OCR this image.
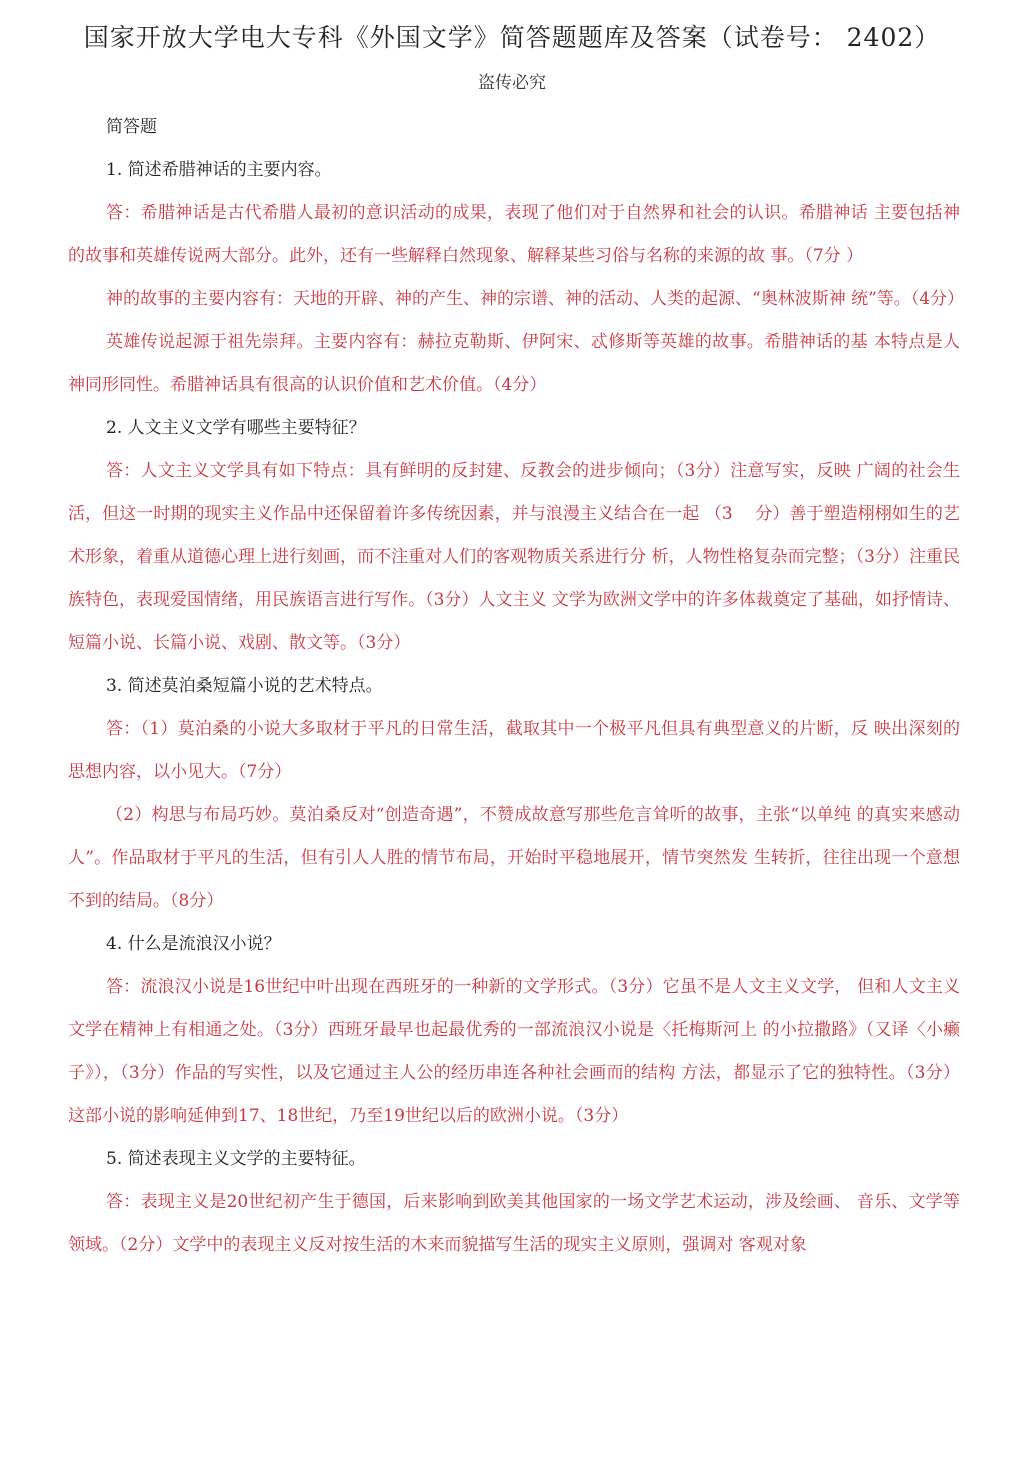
国家开放大学电大专科《外国文学》简答题题库及答案（试卷号： 2402）
盗传必究

简答题

1. 简述希腊神话的主要内容。

答：希腊神话是古代希腊人最初的意识活动的成果，表现了他们对于自然界和社会的认识。希腊神话 主要包括神的故事和英雄传说两大部分。此外，还有一些解释白然现象、解释某些习俗与名称的来源的故 事。（7分 ）

神的故事的主要内容有：天地的开辟、神的产生、神的宗谱、神的活动、人类的起源、“奥林波斯神 统”等。（4分）

英雄传说起源于祖先崇拜。主要内容有：赫拉克勒斯、伊阿宋、忒修斯等英雄的故事。希腊神话的基 本特点是人神同形同性。希腊神话具有很高的认识价值和艺术价值。（4分）

2. 人文主义文学有哪些主要特征？

答：人文主义文学具有如下特点：具有鲜明的反封建、反教会的进步倾向；（3分）注意写实，反映 广阔的社会生活，但这一时期的现实主义作品中还保留着许多传统因素，并与浪漫主义结合在一起 （3　 分）善于塑造栩栩如生的艺术形象，着重从道德心理上进行刻画，而不注重对人们的客观物质关系进行分 析，人物性格复杂而完整；（3分）注重民族特色，表现爱国情绪，用民族语言进行写作。（3分）人文主义 文学为欧洲文学中的许多体裁奠定了基础，如抒情诗、短篇小说、长篇小说、戏剧、散文等。（3分）

3. 简述莫泊桑短篇小说的艺术特点。

答：（1）莫泊桑的小说大多取材于平凡的日常生活，截取其中一个极平凡但具有典型意义的片断，反 映出深刻的思想内容，以小见大。（7分）

（2）构思与布局巧妙。莫泊桑反对“创造奇遇”，不赞成故意写那些危言耸听的故事，主张“以单纯 的真实来感动人”。作品取材于平凡的生活，但有引人人胜的情节布局，开始时平稳地展开，情节突然发 生转折，往往出现一个意想不到的结局。（8分）

4. 什么是流浪汉小说？

答：流浪汉小说是16世纪中叶出现在西班牙的一种新的文学形式。（3分）它虽不是人文主义文学， 但和人文主义文学在精神上有相通之处。（3分）西班牙最早也起最优秀的一部流浪汉小说是〈托梅斯河上 的小拉撒路》（又译〈小癞子》），（3分）作品的写实性，以及它通过主人公的经历串连各种社会画而的结构 方法，都显示了它的独特性。（3分）这部小说的影响延伸到17、18世纪，乃至19世纪以后的欧洲小说。（3分）

5. 简述表现主义文学的主要特征。

答：表现主义是20世纪初产生于德国，后来影响到欧美其他国家的一场文学艺术运动，涉及绘画、 音乐、文学等领域。（2分）文学中的表现主义反对按生活的木来而貌描写生活的现实主义原则，强调对 客观对象
